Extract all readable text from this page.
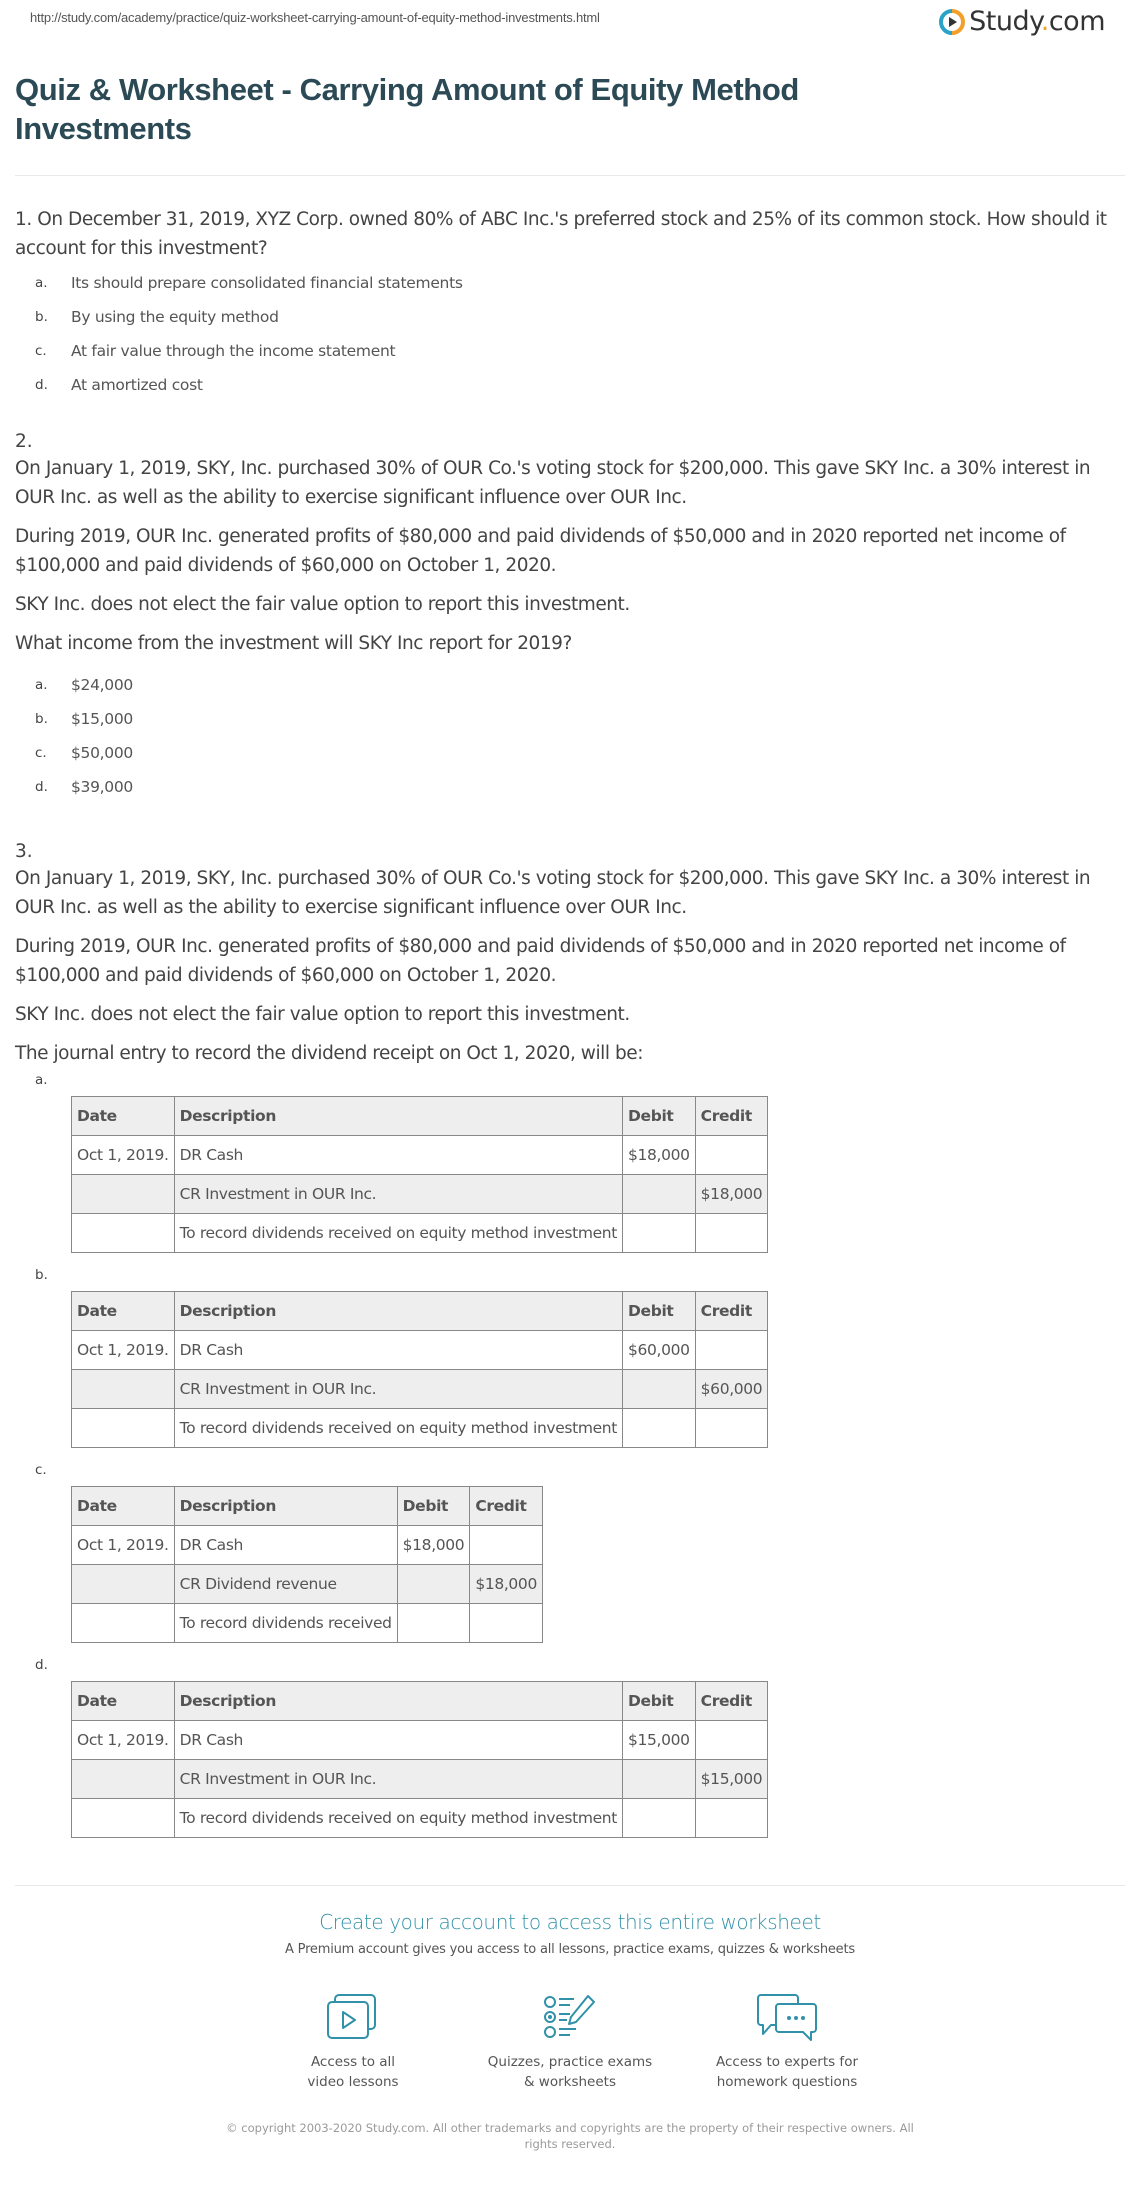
http://study.com/academy/practice/quiz-worksheet-carrying-amount-of-equity-method-investments.html	Study.com
Quiz & Worksheet - Carrying Amount of Equity Method Investments
1. On December 31, 2019, XYZ Corp. owned 80% of ABC Inc.'s preferred stock and 25% of its common stock. How should it account for this investment?
a.	Its should prepare consolidated financial statements
b.	By using the equity method
c.	At fair value through the income statement
d.	At amortized cost
2.
On January 1, 2019, SKY, Inc. purchased 30% of OUR Co.'s voting stock for $200,000. This gave SKY Inc. a 30% interest in OUR Inc. as well as the ability to exercise significant influence over OUR Inc.
During 2019, OUR Inc. generated profits of $80,000 and paid dividends of $50,000 and in 2020 reported net income of $100,000 and paid dividends of $60,000 on October 1, 2020.
SKY Inc. does not elect the fair value option to report this investment.
What income from the investment will SKY Inc report for 2019?
a.	$24,000
b.	$15,000
c.	$50,000
d.	$39,000
3.
On January 1, 2019, SKY, Inc. purchased 30% of OUR Co.'s voting stock for $200,000. This gave SKY Inc. a 30% interest in OUR Inc. as well as the ability to exercise significant influence over OUR Inc.
During 2019, OUR Inc. generated profits of $80,000 and paid dividends of $50,000 and in 2020 reported net income of $100,000 and paid dividends of $60,000 on October 1, 2020.
SKY Inc. does not elect the fair value option to report this investment.
The journal entry to record the dividend receipt on Oct 1, 2020, will be:
a.
Date	Description	Debit	Credit
Oct 1, 2019.	DR Cash	$18,000	
	CR Investment in OUR Inc.		$18,000
	To record dividends received on equity method investment		
b.
Date	Description	Debit	Credit
Oct 1, 2019.	DR Cash	$60,000	
	CR Investment in OUR Inc.		$60,000
	To record dividends received on equity method investment		
c.
Date	Description	Debit	Credit
Oct 1, 2019.	DR Cash	$18,000	
	CR Dividend revenue		$18,000
	To record dividends received		
d.
Date	Description	Debit	Credit
Oct 1, 2019.	DR Cash	$15,000	
	CR Investment in OUR Inc.		$15,000
	To record dividends received on equity method investment		
Create your account to access this entire worksheet
A Premium account gives you access to all lessons, practice exams, quizzes & worksheets
Access to all
video lessons
Quizzes, practice exams
& worksheets
Access to experts for
homework questions
© copyright 2003-2020 Study.com. All other trademarks and copyrights are the property of their respective owners. All rights reserved.
